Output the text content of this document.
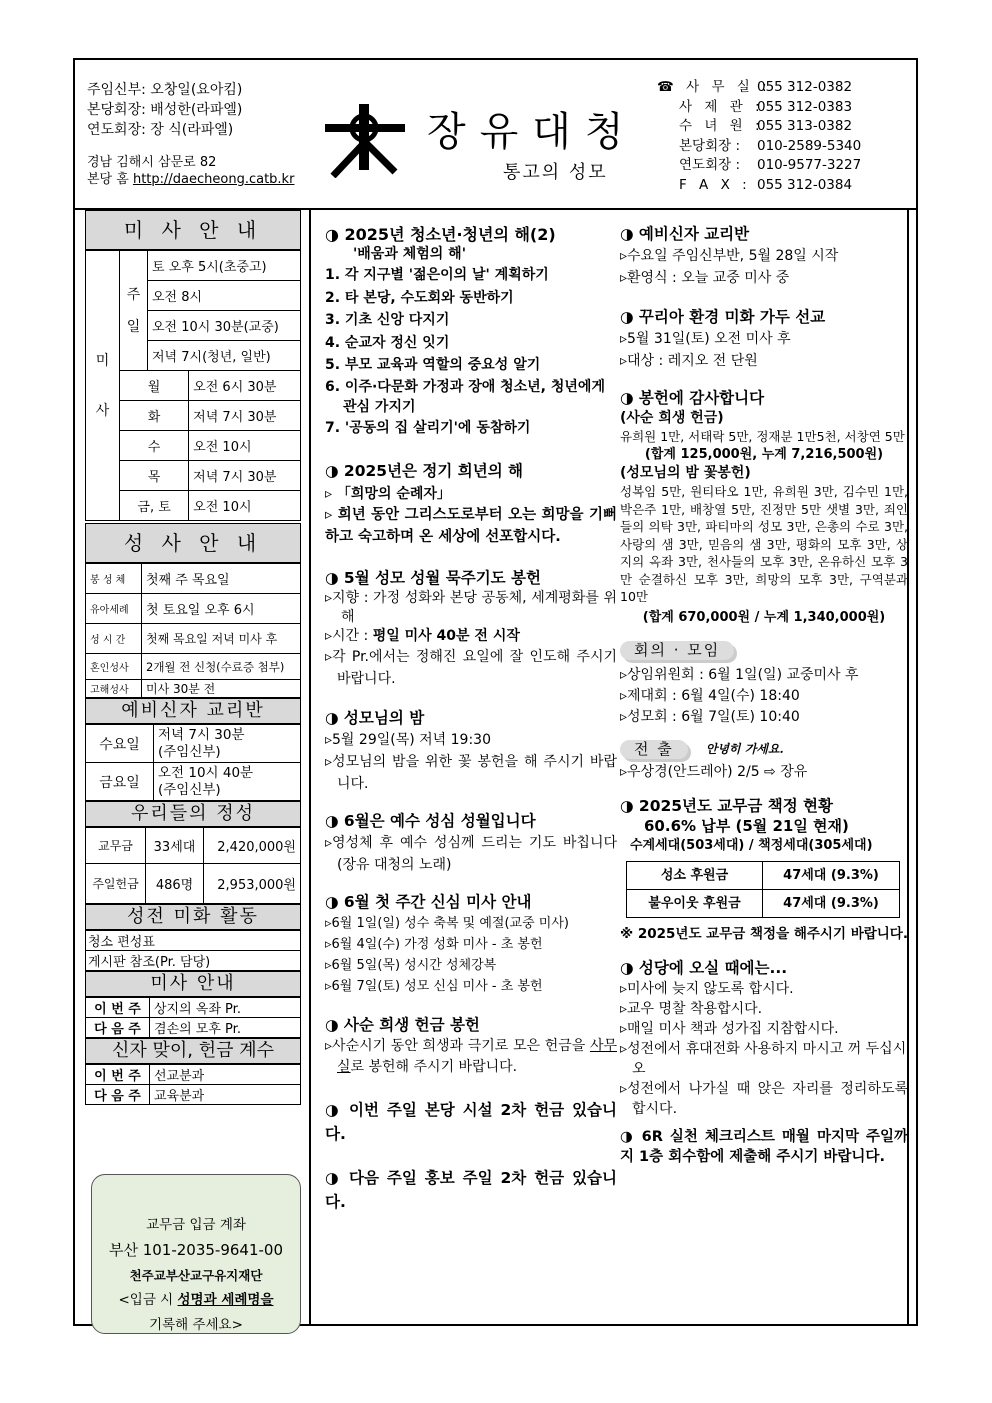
주임신부: 오창일(요아킴)
본당회장: 배성한(라파엘)
연도회장: 장 식(라파엘)
경남 김해시 삼문로 82
본당 홈 http://daecheong.catb.kr
장유대청
통고의 성모
☎ 사 무 실 :
055 312-0382
사 제 관 :
055 312-0383
수 녀 원 :
055 313-0382
본당회장 :	010-2589-5340
연도회장 :	010-9577-3227
F A X : 055 312-0384
미 사 안 내
미
사	주
일	토 오후 5시(초중고)	
		오전 8시	
		오전 10시 30분(교중)	
		저녁 7시(청년, 일반)	
	월		오전 6시 30분
	화		저녁 7시 30분
	수		오전 10시
	목		저녁 7시 30분
	금, 토		오전 10시
성 사 안 내
봉 성 체	첫째 주 목요일
유아세례	첫 토요일 오후 6시
성 시 간	첫째 목요일 저녁 미사 후
혼인성사	2개월 전 신청(수료증 첨부)
고해성사	미사 30분 전
예비신자 교리반
수요일	저녁 7시 30분
(주임신부)

금요일	오전 10시 40분
(주임신부)
우리들의 정성
교무금	33세대	2,420,000원
주일헌금	486명	2,953,000원
성전 미화 활동
청소 편성표
게시판 참조(Pr. 담당)
미사 안내
이 번 주	상지의 옥좌 Pr.
다 음 주	겸손의 모후 Pr.
신자 맞이, 헌금 계수
이 번 주	선교분과
다 음 주	교육분과
교무금 입금 계좌
부산 101-2035-9641-00
천주교부산교구유지재단
<입금 시 성명과 세례명을
기록해 주세요>
◑ 2025년 청소년·청년의 해(2)
'배움과 체험의 해'
1. 각 지구별 '젊은이의 날' 계획하기
2. 타 본당, 수도회와 동반하기
3. 기초 신앙 다지기
4. 순교자 정신 잇기
5. 부모 교육과 역할의 중요성 알기
6. 이주·다문화 가정과 장애 청소년, 청년에게 관심 가지기
7. '공동의 집 살리기'에 동참하기
◑ 2025년은 정기 희년의 해
▹ 「희망의 순례자」
▹ 희년 동안 그리스도로부터 오는 희망을 기뻐하고 숙고하며 온 세상에 선포합시다.
◑ 5월 성모 성월 묵주기도 봉헌
▹지향 : 가정 성화와 본당 공동체, 세계평화를 위해
▹시간 : 평일 미사 40분 전 시작
▹각 Pr.에서는 정해진 요일에 잘 인도해 주시기 바랍니다.
◑ 성모님의 밤
▹5월 29일(목) 저녁 19:30
▹성모님의 밤을 위한 꽃 봉헌을 해 주시기 바랍니다.
◑ 6월은 예수 성심 성월입니다
▹영성체 후 예수 성심께 드리는 기도 바칩니다(장유 대청의 노래)
◑ 6월 첫 주간 신심 미사 안내
▹6월 1일(일) 성수 축복 및 예절(교중 미사)
▹6월 4일(수) 가정 성화 미사 - 초 봉헌
▹6월 5일(목) 성시간 성체강복
▹6월 7일(토) 성모 신심 미사 - 초 봉헌
◑ 사순 희생 헌금 봉헌
▹사순시기 동안 희생과 극기로 모은 헌금을 사무실로 봉헌해 주시기 바랍니다.
◑ 이번 주일 본당 시설 2차 헌금 있습니다.
◑ 다음 주일 홍보 주일 2차 헌금 있습니다.
◑ 예비신자 교리반
▹수요일 주임신부반, 5월 28일 시작
▹환영식 : 오늘 교중 미사 중
◑ 꾸리아 환경 미화 가두 선교
▹5월 31일(토) 오전 미사 후
▹대상 : 레지오 전 단원
◑ 봉헌에 감사합니다
(사순 희생 헌금)
유희원 1만, 서태락 5만, 정재분 1만5천, 서창연 5만
(합계 125,000원, 누계 7,216,500원)
(성모님의 밤 꽃봉헌)
성복임 5만, 원티타오 1만, 유희원 3만, 김수민 1만, 박은주 1만, 배창열 5만, 진정만 5만 샛별 3만, 죄인들의 의탁 3만, 파티마의 성모 3만, 은총의 수로 3만, 사랑의 샘 3만, 믿음의 샘 3만, 평화의 모후 3만, 상지의 옥좌 3만, 천사들의 모후 3만, 온유하신 모후 3만 순결하신 모후 3만, 희망의 모후 3만, 구역분과 10만
(합계 670,000원 / 누계 1,340,000원)
회의 · 모임
▹상임위원회 : 6월 1일(일) 교중미사 후
▹제대회 : 6월 4일(수) 18:40
▹성모회 : 6월 7일(토) 10:40
전 출	안녕히 가세요.
▹우상경(안드레아) 2/5 ⇨ 장유
◑ 2025년도 교무금 책정 현황
60.6% 납부 (5월 21일 현재)
수계세대(503세대) / 책정세대(305세대)
성소 후원금	47세대 (9.3%)
불우이웃 후원금	47세대 (9.3%)
※ 2025년도 교무금 책정을 해주시기 바랍니다.
◑ 성당에 오실 때에는...
▹미사에 늦지 않도록 합시다.
▹교우 명찰 착용합시다.
▹매일 미사 책과 성가집 지참합시다.
▹성전에서 휴대전화 사용하지 마시고 꺼 두십시오
▹성전에서 나가실 때 앉은 자리를 정리하도록 합시다.
◑ 6R 실천 체크리스트 매월 마지막 주일까지 1층 회수함에 제출해 주시기 바랍니다.
